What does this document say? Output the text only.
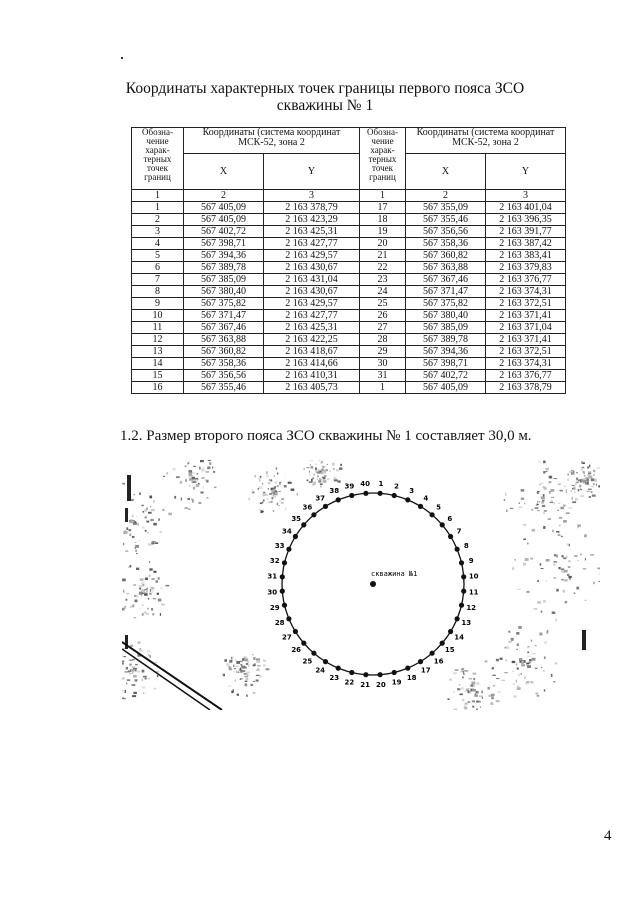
Координаты характерных точек границы первого пояса ЗСО
скважины № 1
Обозна-чение харак-терных точек границ	Координаты (система координат МСК-52, зона 2		Обозна-чение харак-терных точек границ	Координаты (система координат МСК-52, зона 2	
	X	Y		X	Y
1	2	3	1	2	3
1	567 405,09	2 163 378,79	17	567 355,09	2 163 401,04
2	567 405,09	2 163 423,29	18	567 355,46	2 163 396,35
3	567 402,72	2 163 425,31	19	567 356,56	2 163 391,77
4	567 398,71	2 163 427,77	20	567 358,36	2 163 387,42
5	567 394,36	2 163 429,57	21	567 360,82	2 163 383,41
6	567 389,78	2 163 430,67	22	567 363,88	2 163 379,83
7	567 385,09	2 163 431,04	23	567 367,46	2 163 376,77
8	567 380,40	2 163 430,67	24	567 371,47	2 163 374,31
9	567 375,82	2 163 429,57	25	567 375,82	2 163 372,51
10	567 371,47	2 163 427,77	26	567 380,40	2 163 371,41
11	567 367,46	2 163 425,31	27	567 385,09	2 163 371,04
12	567 363,88	2 163 422,25	28	567 389,78	2 163 371,41
13	567 360,82	2 163 418,67	29	567 394,36	2 163 372,51
14	567 358,36	2 163 414,66	30	567 398,71	2 163 374,31
15	567 356,56	2 163 410,31	31	567 402,72	2 163 376,77
16	567 355,46	2 163 405,73	1	567 405,09	2 163 378,79
1.2. Размер второго пояса ЗСО скважины № 1 составляет 30,0 м.
скважина №1
1 2
3
4
5
6
7
8
9
10
11
12
13
14
15
16
17
18
19
20
21
22
23
24
25
26
27
28
29
30
31
32
33
34
35
36
37
38
39 40
4
